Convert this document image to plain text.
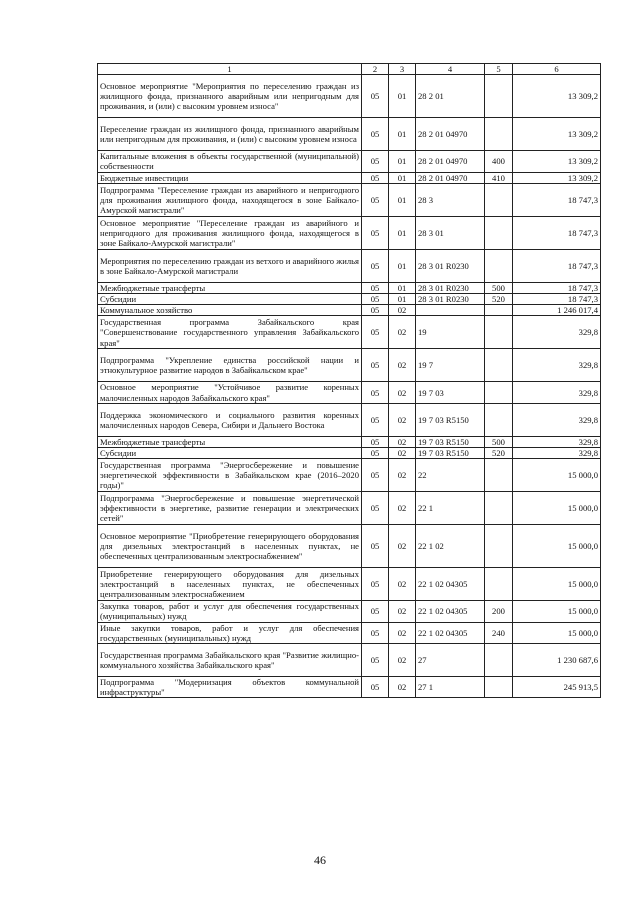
1	2	3	4	5	6
Основное мероприятие "Мероприятия по переселению граждан из жилищного фонда, признанного аварийным или непригодным для проживания, и (или) с высоким уровнем износа"	05	01	28 2 01		13 309,2
Переселение граждан из жилищного фонда, признанного аварийным или непригодным для проживания, и (или) с высоким уровнем износа	05	01	28 2 01 04970		13 309,2
Капитальные вложения в объекты государственной (муниципальной) собственности	05	01	28 2 01 04970	400	13 309,2
Бюджетные инвестиции	05	01	28 2 01 04970	410	13 309,2
Подпрограмма "Переселение граждан из аварийного и непригодного для проживания жилищного фонда, находящегося в зоне Байкало-Амурской магистрали"	05	01	28 3		18 747,3
Основное мероприятие "Переселение граждан из аварийного и непригодного для проживания жилищного фонда, находящегося в зоне Байкало-Амурской магистрали"	05	01	28 3 01		18 747,3
Мероприятия по переселению граждан из ветхого и аварийного жилья в зоне Байкало-Амурской магистрали	05	01	28 3 01 R0230		18 747,3
Межбюджетные трансферты	05	01	28 3 01 R0230	500	18 747,3
Субсидии	05	01	28 3 01 R0230	520	18 747,3
Коммунальное хозяйство	05	02			1 246 017,4
Государственная программа Забайкальского края "Совершенствование государственного управления Забайкальского края"	05	02	19		329,8
Подпрограмма "Укрепление единства российской нации и этнокультурное развитие народов в Забайкальском крае"	05	02	19 7		329,8
Основное мероприятие "Устойчивое развитие коренных малочисленных народов Забайкальского края"	05	02	19 7 03		329,8
Поддержка экономического и социального развития коренных малочисленных народов Севера, Сибири и Дальнего Востока	05	02	19 7 03 R5150		329,8
Межбюджетные трансферты	05	02	19 7 03 R5150	500	329,8
Субсидии	05	02	19 7 03 R5150	520	329,8
Государственная программа "Энергосбережение и повышение энергетической эффективности в Забайкальском крае (2016–2020 годы)"	05	02	22		15 000,0
Подпрограмма "Энергосбережение и повышение энергетической эффективности в энергетике, развитие генерации и электрических сетей"	05	02	22 1		15 000,0
Основное мероприятие "Приобретение генерирующего оборудования для дизельных электростанций в населенных пунктах, не обеспеченных централизованным электроснабжением"	05	02	22 1 02		15 000,0
Приобретение генерирующего оборудования для дизельных электростанций в населенных пунктах, не обеспеченных централизованным электроснабжением	05	02	22 1 02 04305		15 000,0
Закупка товаров, работ и услуг для обеспечения государственных (муниципальных) нужд	05	02	22 1 02 04305	200	15 000,0
Иные закупки товаров, работ и услуг для обеспечения государственных (муниципальных) нужд	05	02	22 1 02 04305	240	15 000,0
Государственная программа Забайкальского края "Развитие жилищно-коммунального хозяйства Забайкальского края"	05	02	27		1 230 687,6
Подпрограмма "Модернизация объектов коммунальной инфраструктуры"	05	02	27 1		245 913,5
46
